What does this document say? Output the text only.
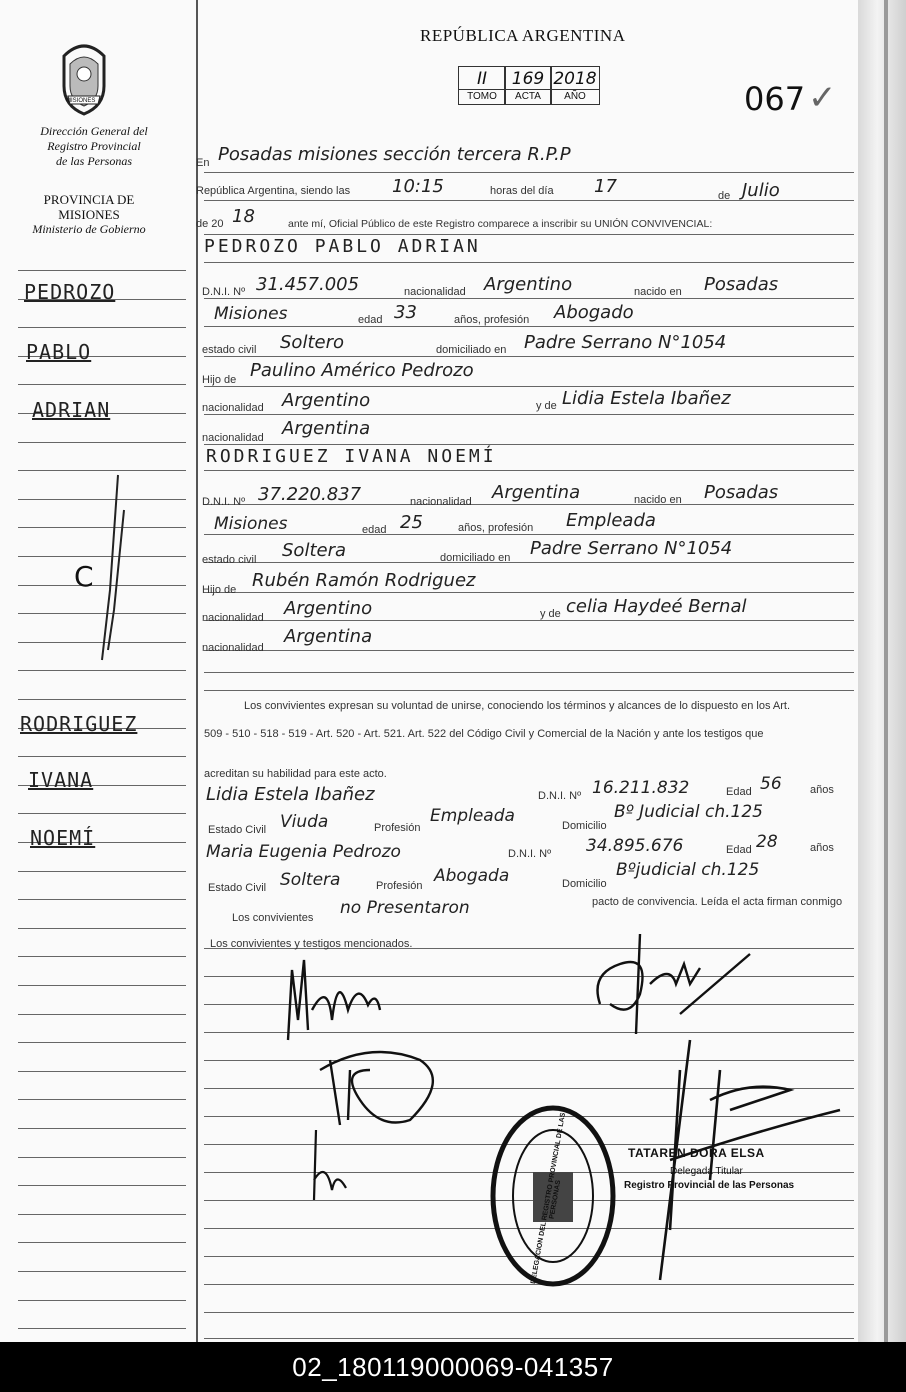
REPÚBLICA ARGENTINA
II
TOMO
169
ACTA
2018
AÑO	067 ✓
MISIONES
Dirección General del
Registro Provincial
de las Personas
PROVINCIA DE
MISIONES
Ministerio de Gobierno
PEDROZO
PABLO
ADRIAN
C
RODRIGUEZ
IVANA
NOEMÍ
En Posadas misiones sección tercera R.P.P
República Argentina, siendo las 10:15	horas del día 17	de Julio
de 20 18	ante mí, Oficial Público de este Registro comparece a inscribir su UNIÓN CONVIVENCIAL:
PEDROZO PABLO ADRIAN
D.N.I. Nº 31.457.005	nacionalidad Argentino	nacido en Posadas
Misiones	edad 33	años, profesión Abogado
estado civil Soltero	domiciliado en Padre Serrano N°1054
Hijo de Paulino Américo Pedrozo
nacionalidad Argentino	y de Lidia Estela Ibañez
nacionalidad Argentina
RODRIGUEZ IVANA NOEMÍ
D.N.I. Nº 37.220.837	nacionalidad Argentina	nacido en Posadas
Misiones	edad 25	años, profesión Empleada
estado civil Soltera	domiciliado en Padre Serrano N°1054
Hijo de Rubén Ramón Rodriguez
nacionalidad Argentino	y de celia Haydeé Bernal
nacionalidad
Argentina
Los convivientes expresan su voluntad de unirse, conociendo los términos y alcances de lo dispuesto en los Art.
509 - 510 - 518 - 519 - Art. 520 - Art. 521. Art. 522 del Código Civil y Comercial de la Nación y ante los testigos que
acreditan su habilidad para este acto.
Lidia Estela Ibañez	D.N.I. Nº 16.211.832	Edad 56	años
Estado Civil Viuda	Profesión
Empleada	Domicilio
Bº Judicial ch.125
Maria Eugenia Pedrozo	D.N.I. Nº 34.895.676	Edad 28	años
Estado Civil Soltera	Profesión Abogada	Domicilio
Bºjudicial ch.125
Los convivientes no Presentaron	pacto de convivencia. Leída el acta firman conmigo
Los convivientes y testigos mencionados.
DELEGACION DEL REGISTRO PROVINCIAL DE LAS PERSONAS
TATAREN DORA ELSA
Delegada Titular
Registro Provincial de las Personas
02_180119000069-041357
